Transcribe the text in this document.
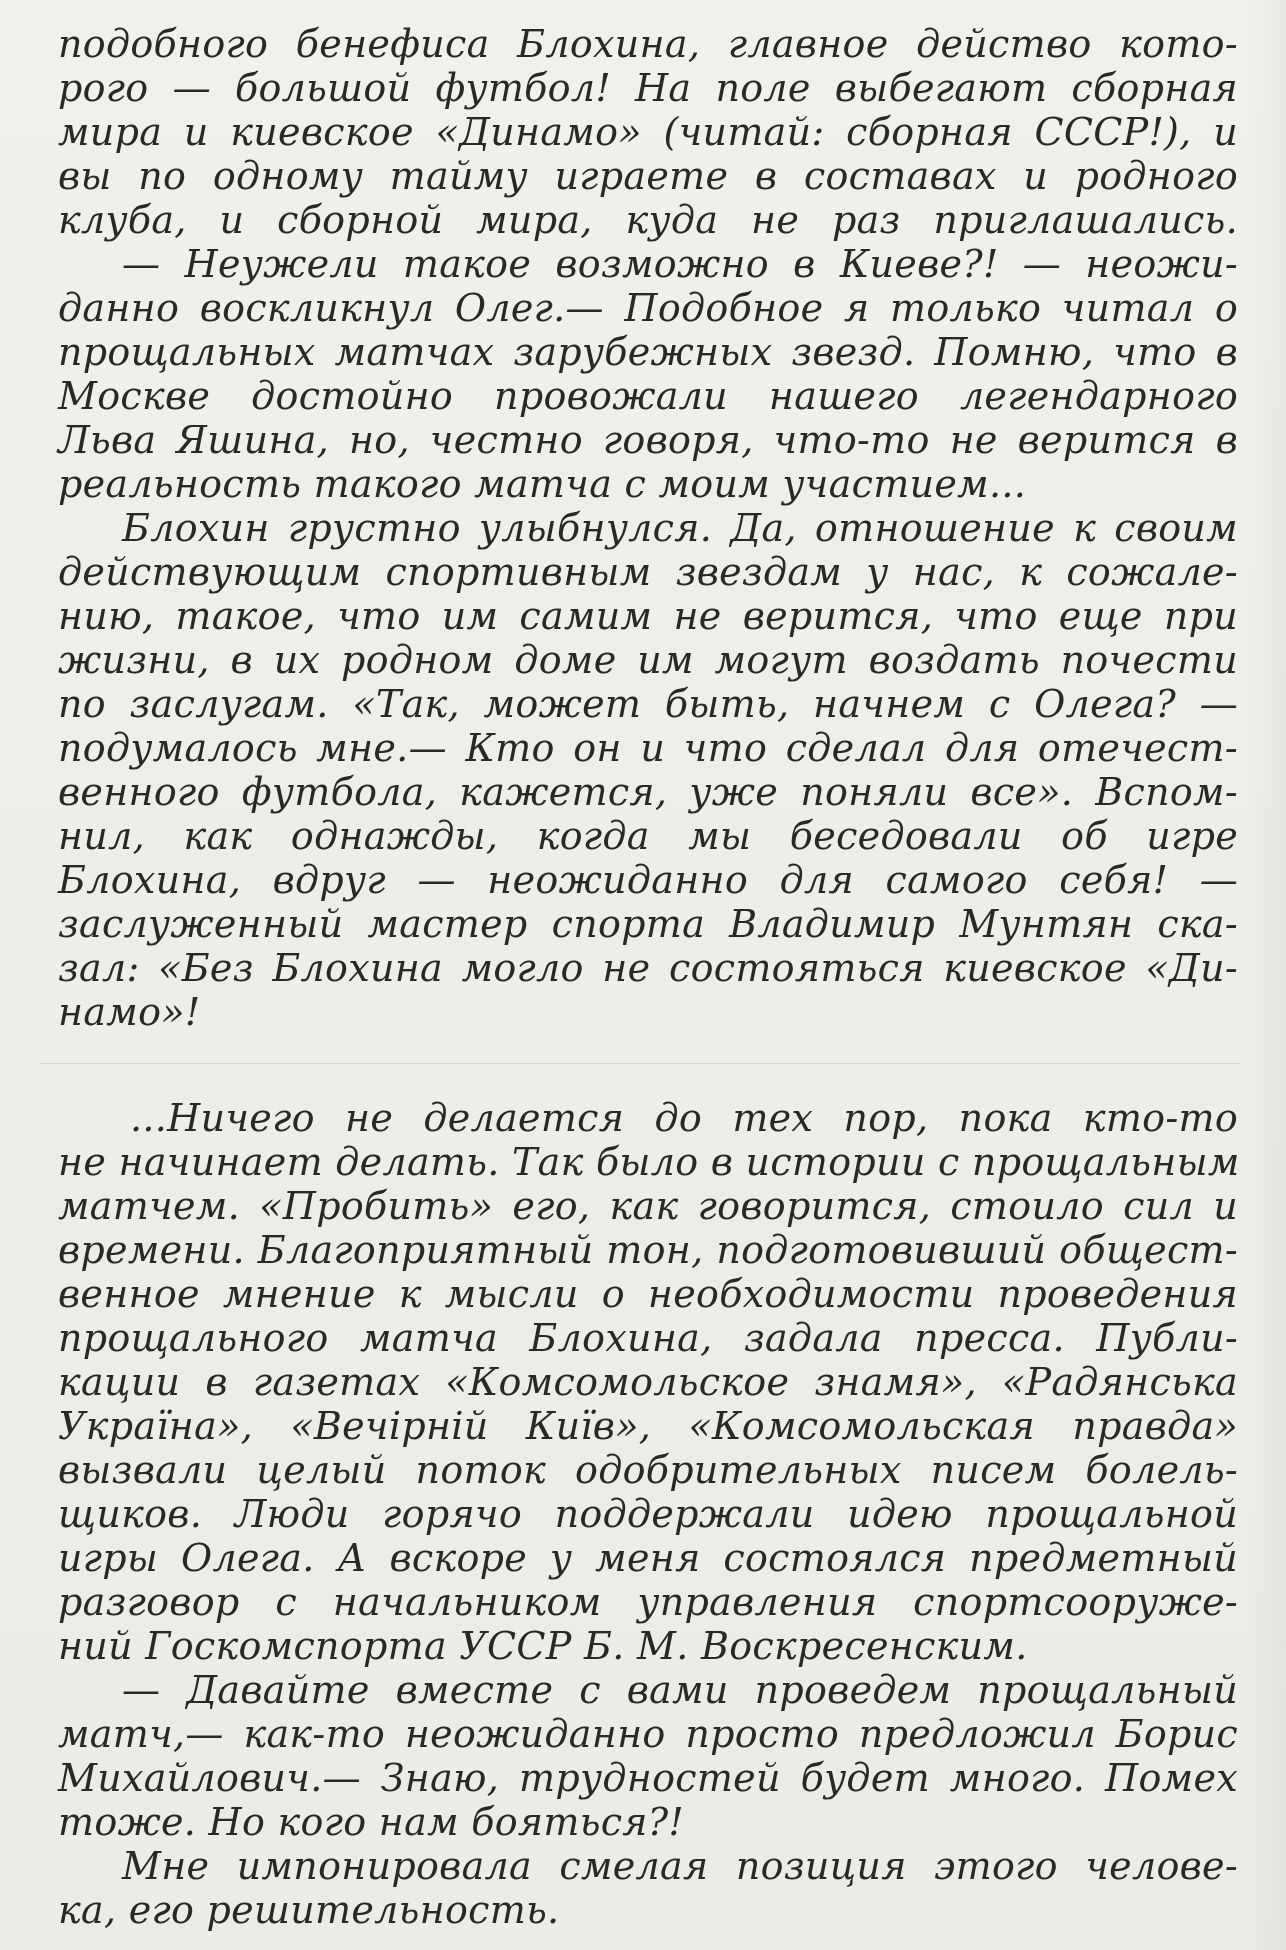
подобного бенефиса Блохина, главное действо кото-
рого — большой футбол! На поле выбегают сборная
мира и киевское «Динамо» (читай: сборная СССР!), и
вы по одному тайму играете в составах и родного
клуба, и сборной мира, куда не раз приглашались.
— Неужели такое возможно в Киеве?! — неожи-
данно воскликнул Олег.— Подобное я только читал о
прощальных матчах зарубежных звезд. Помню, что в
Москве достойно провожали нашего легендарного
Льва Яшина, но, честно говоря, что-то не верится в
реальность такого матча с моим участием...
Блохин грустно улыбнулся. Да, отношение к своим
действующим спортивным звездам у нас, к сожале-
нию, такое, что им самим не верится, что еще при
жизни, в их родном доме им могут воздать почести
по заслугам. «Так, может быть, начнем с Олега? —
подумалось мне.— Кто он и что сделал для отечест-
венного футбола, кажется, уже поняли все». Вспом-
нил, как однажды, когда мы беседовали об игре
Блохина, вдруг — неожиданно для самого себя! —
заслуженный мастер спорта Владимир Мунтян ска-
зал: «Без Блохина могло не состояться киевское «Ди-
намо»!
...Ничего не делается до тех пор, пока кто-то
не начинает делать. Так было в истории с прощальным
матчем. «Пробить» его, как говорится, стоило сил и
времени. Благоприятный тон, подготовивший общест-
венное мнение к мысли о необходимости проведения
прощального матча Блохина, задала пресса. Публи-
кации в газетах «Комсомольское знамя», «Радянська
Україна», «Вечірній Київ», «Комсомольская правда»
вызвали целый поток одобрительных писем болель-
щиков. Люди горячо поддержали идею прощальной
игры Олега. А вскоре у меня состоялся предметный
разговор с начальником управления спортсооруже-
ний Госкомспорта УССР Б. М. Воскресенским.
— Давайте вместе с вами проведем прощальный
матч,— как-то неожиданно просто предложил Борис
Михайлович.— Знаю, трудностей будет много. Помех
тоже. Но кого нам бояться?!
Мне импонировала смелая позиция этого челове-
ка, его решительность.
